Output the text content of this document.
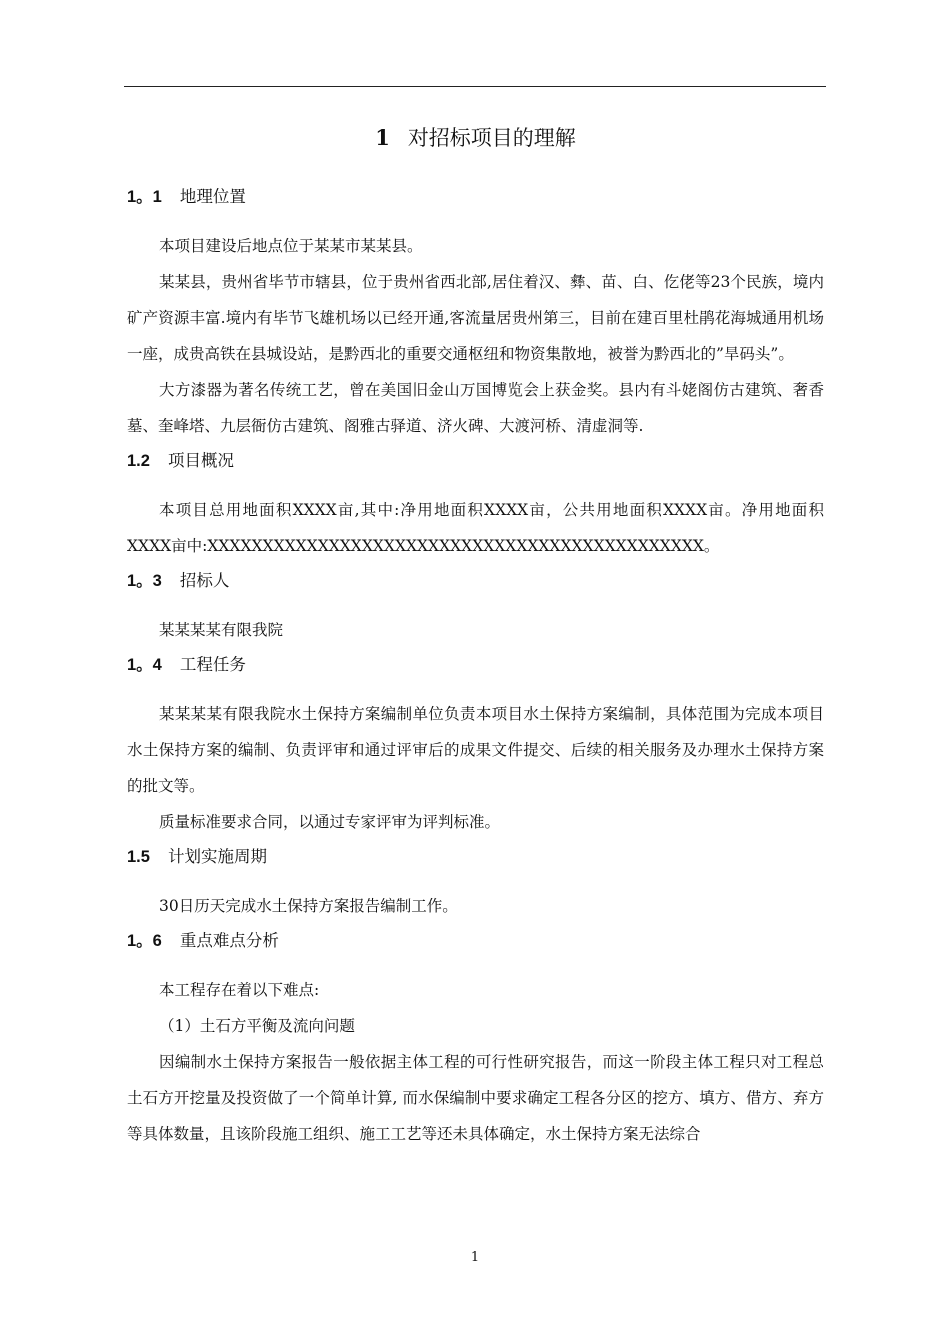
1 对招标项目的理解
1。1 地理位置

本项目建设后地点位于某某市某某县。

某某县，贵州省毕节市辖县，位于贵州省西北部,居住着汉、彝、苗、白、仡佬等23个民族，境内矿产资源丰富.境内有毕节飞雄机场以已经开通,客流量居贵州第三，目前在建百里杜鹃花海城通用机场一座，成贵高铁在县城设站，是黔西北的重要交通枢纽和物资集散地，被誉为黔西北的”旱码头”。

大方漆器为著名传统工艺，曾在美国旧金山万国博览会上获金奖。县内有斗姥阁仿古建筑、奢香墓、奎峰塔、九层衙仿古建筑、阁雅古驿道、济火碑、大渡河桥、清虚洞等.

1.2 项目概况

本项目总用地面积XXXX亩,其中:净用地面积XXXX亩，公共用地面积XXXX亩。净用地面积XXXX亩中:XXXXXXXXXXXXXXXXXXXXXXXXXXXXXXXXXXXXXXXXXXXXX。

1。3 招标人

某某某某有限我院

1。4 工程任务

某某某某有限我院水土保持方案编制单位负责本项目水土保持方案编制，具体范围为完成本项目水土保持方案的编制、负责评审和通过评审后的成果文件提交、后续的相关服务及办理水土保持方案的批文等。

质量标准要求合同，以通过专家评审为评判标准。

1.5 计划实施周期

30日历天完成水土保持方案报告编制工作。

1。6 重点难点分析

本工程存在着以下难点:

（1）土石方平衡及流向问题

因编制水土保持方案报告一般依据主体工程的可行性研究报告，而这一阶段主体工程只对工程总土石方开挖量及投资做了一个简单计算, 而水保编制中要求确定工程各分区的挖方、填方、借方、弃方等具体数量，且该阶段施工组织、施工工艺等还未具体确定，水土保持方案无法综合

1
